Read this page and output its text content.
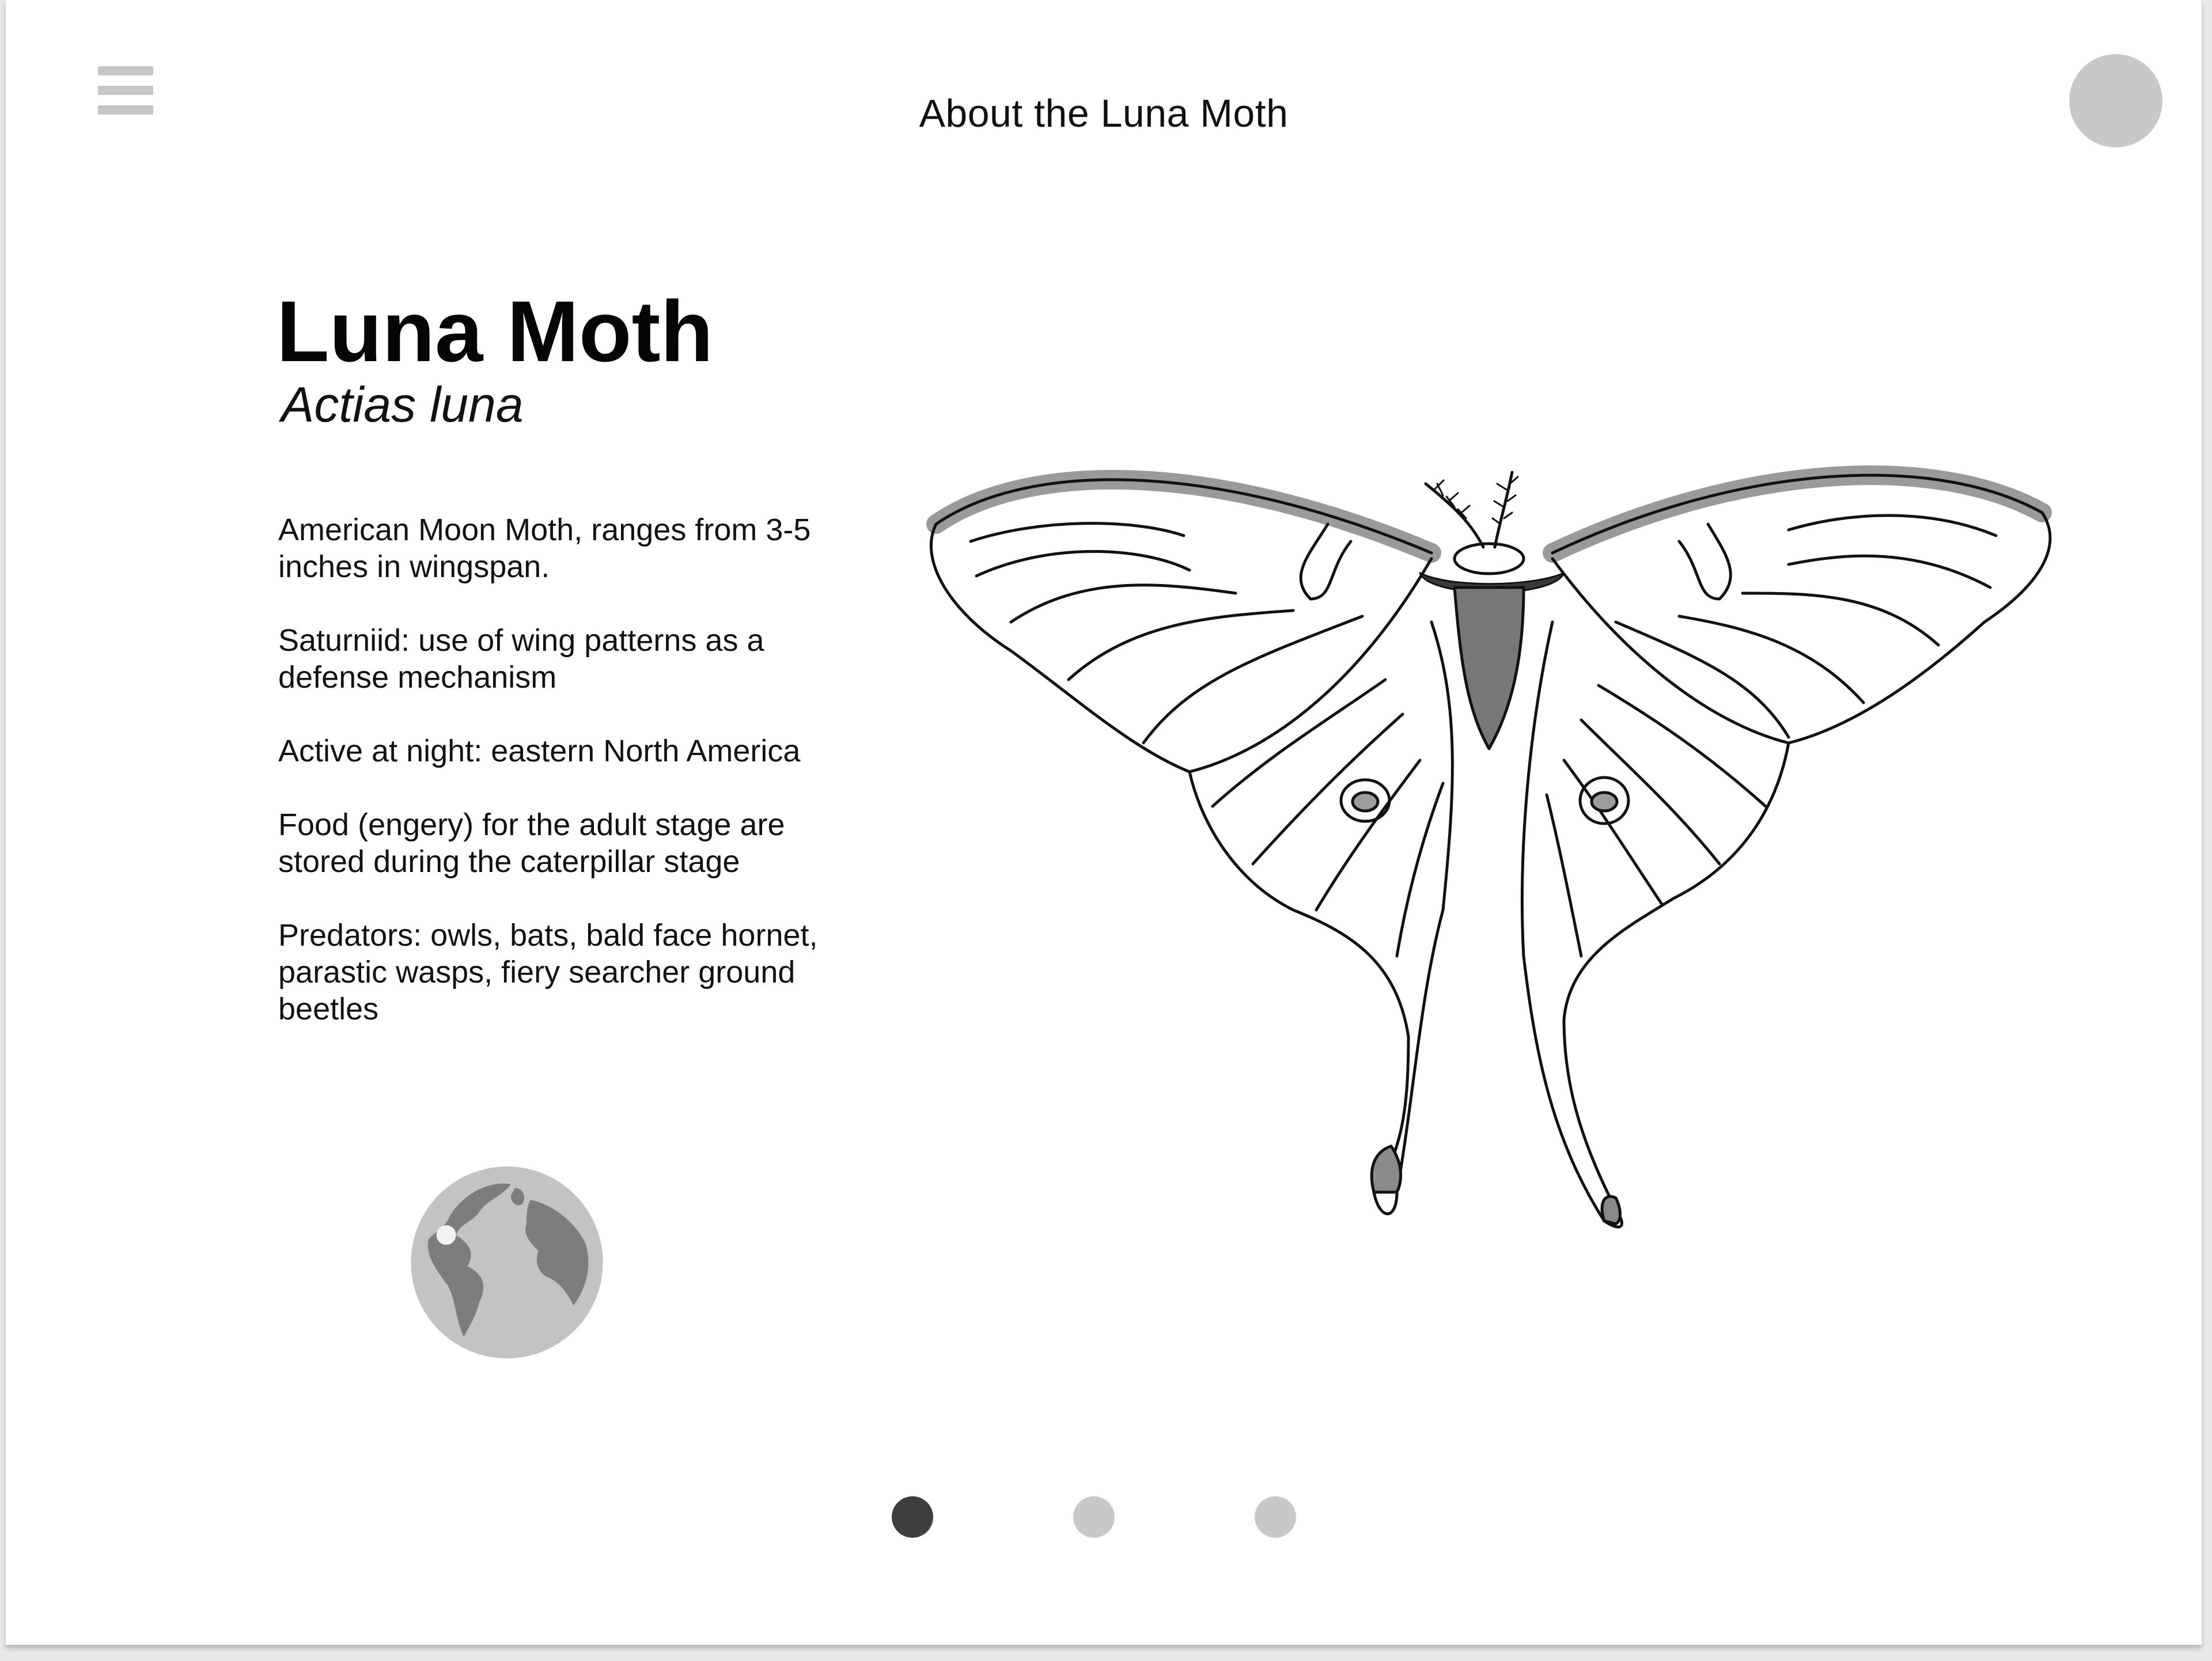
About the Luna Moth
Luna Moth
Actias luna
American Moon Moth, ranges from 3-5 inches in wingspan.
Saturniid: use of wing patterns as a defense mechanism
Active at night: eastern North America
Food (engery) for the adult stage are stored during the caterpillar stage
Predators: owls, bats, bald face hornet, parastic wasps, fiery searcher ground beetles
